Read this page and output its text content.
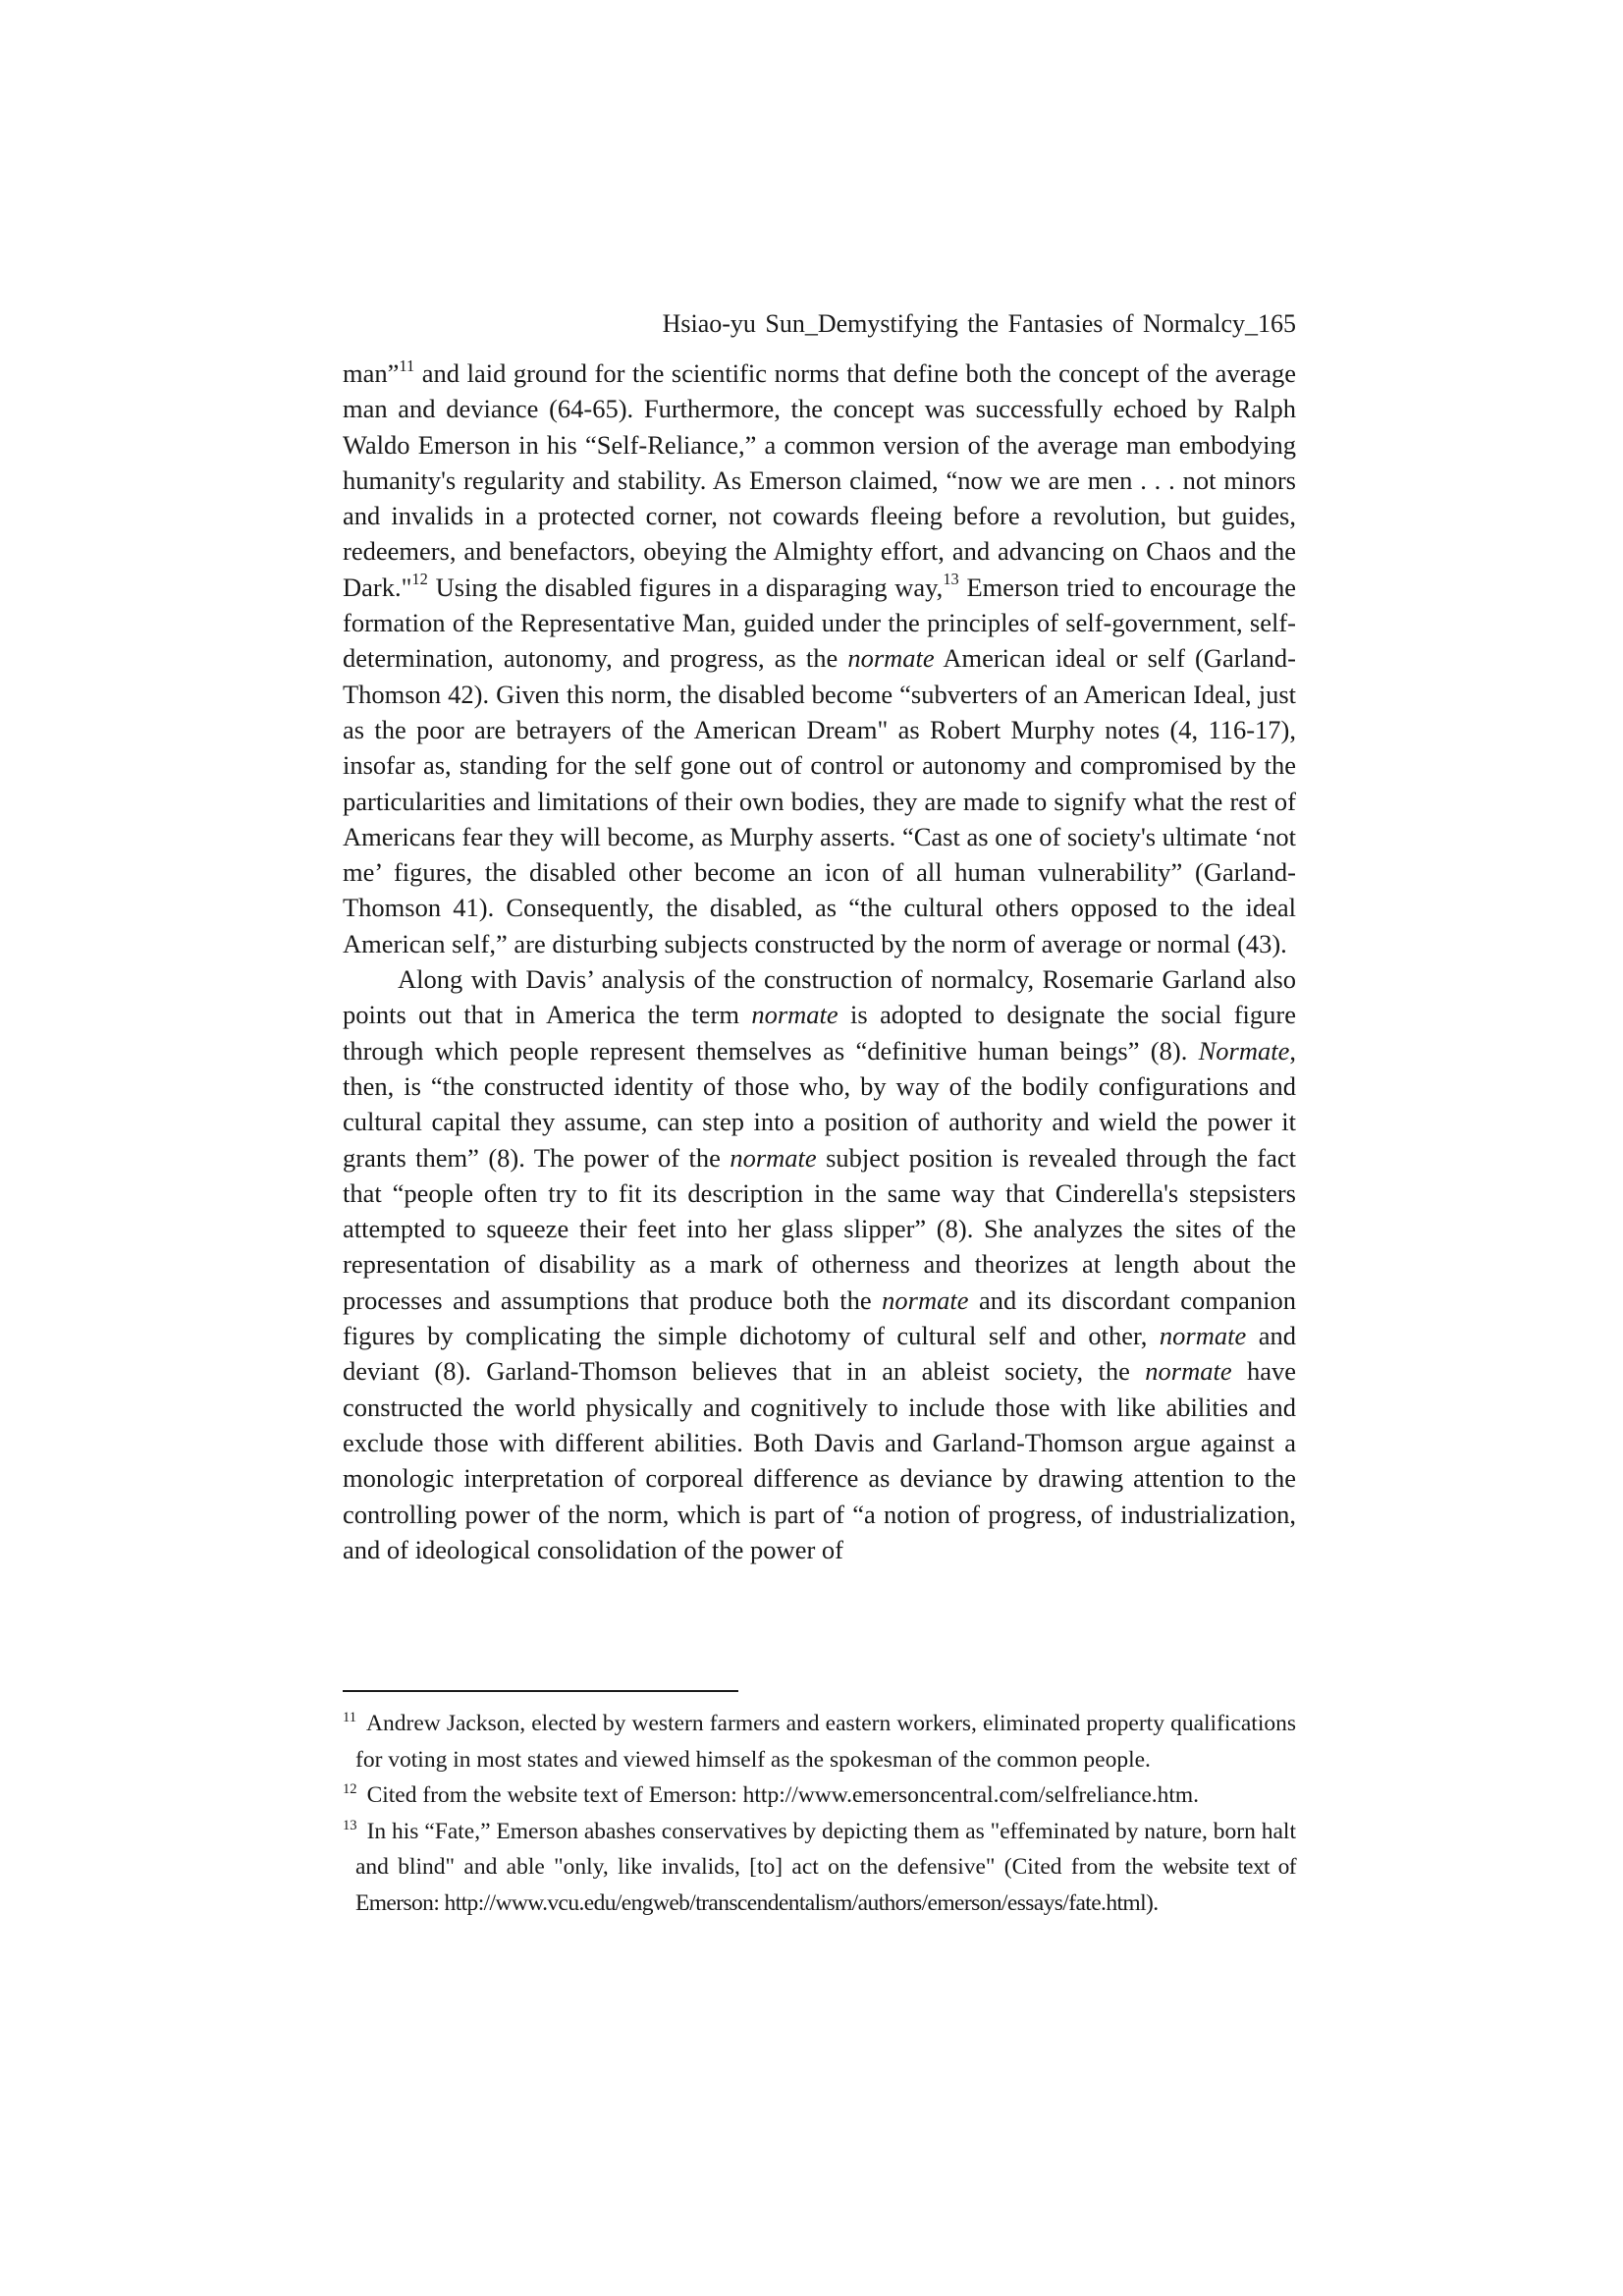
Hsiao-yu Sun_Demystifying the Fantasies of Normalcy_165

man”$^{11}$ and laid ground for the scientific norms that define both the concept of the average man and deviance (64-65). Furthermore, the concept was successfully echoed by Ralph Waldo Emerson in his “Self-Reliance,” a common version of the average man embodying humanity's regularity and stability. As Emerson claimed, “now we are men . . . not minors and invalids in a protected corner, not cowards fleeing before a revolution, but guides, redeemers, and benefactors, obeying the Almighty effort, and advancing on Chaos and the Dark."$^{12}$ Using the disabled figures in a disparaging way,$^{13}$ Emerson tried to encourage the formation of the Representative Man, guided under the principles of self-government, self-determination, autonomy, and progress, as the normate American ideal or self (Garland-Thomson 42). Given this norm, the disabled become “subverters of an American Ideal, just as the poor are betrayers of the American Dream" as Robert Murphy notes (4, 116-17), insofar as, standing for the self gone out of control or autonomy and compromised by the particularities and limitations of their own bodies, they are made to signify what the rest of Americans fear they will become, as Murphy asserts. “Cast as one of society's ultimate ‘not me’ figures, the disabled other become an icon of all human vulnerability” (Garland-Thomson 41). Consequently, the disabled, as “the cultural others opposed to the ideal American self,” are disturbing subjects constructed by the norm of average or normal (43).

Along with Davis’ analysis of the construction of normalcy, Rosemarie Garland also points out that in America the term normate is adopted to designate the social figure through which people represent themselves as “definitive human beings” (8). Normate, then, is “the constructed identity of those who, by way of the bodily configurations and cultural capital they assume, can step into a position of authority and wield the power it grants them” (8). The power of the normate subject position is revealed through the fact that “people often try to fit its description in the same way that Cinderella's stepsisters attempted to squeeze their feet into her glass slipper” (8). She analyzes the sites of the representation of disability as a mark of otherness and theorizes at length about the processes and assumptions that produce both the normate and its discordant companion figures by complicating the simple dichotomy of cultural self and other, normate and deviant (8). Garland-Thomson believes that in an ableist society, the normate have constructed the world physically and cognitively to include those with like abilities and exclude those with different abilities. Both Davis and Garland-Thomson argue against a monologic interpretation of corporeal difference as deviance by drawing attention to the controlling power of the norm, which is part of “a notion of progress, of industrialization, and of ideological consolidation of the power of

$^{11}$ Andrew Jackson, elected by western farmers and eastern workers, eliminated property qualifications for voting in most states and viewed himself as the spokesman of the common people.

$^{12}$ Cited from the website text of Emerson: http://www.emersoncentral.com/selfreliance.htm.

$^{13}$ In his “Fate,” Emerson abashes conservatives by depicting them as "effeminated by nature, born halt and blind" and able "only, like invalids, [to] act on the defensive" (Cited from the website text of Emerson: http://www.vcu.edu/engweb/transcendentalism/authors/emerson/essays/fate.html).
